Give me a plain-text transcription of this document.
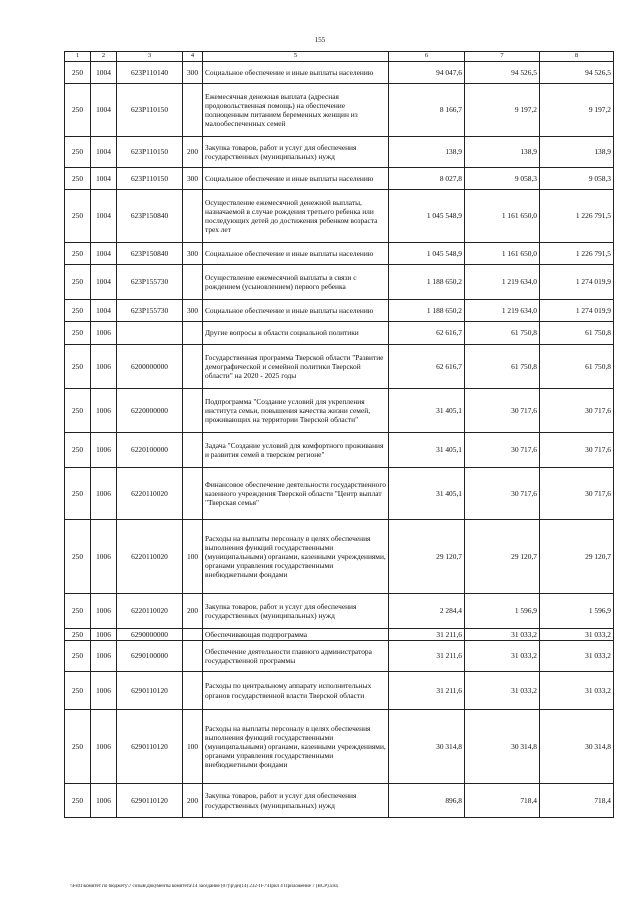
155
1	2	3	4	5	6	7	8
250	1004	623P110140	300	Социальное обеспечение и иные выплаты населению	94 047,6	94 526,5	94 526,5
250	1004	623P110150		Ежемесячная денежная выплата (адресная продовольственная помощь) на обеспечение полноценным питанием беременных женщин из малообеспеченных семей	8 166,7	9 197,2	9 197,2
250	1004	623P110150	200	Закупка товаров, работ и услуг для обеспечения государственных (муниципальных) нужд	138,9	138,9	138,9
250	1004	623P110150	300	Социальное обеспечение и иные выплаты населению	8 027,8	9 058,3	9 058,3
250	1004	623P150840		Осуществление ежемесячной денежной выплаты, назначаемой в случае рождения третьего ребенка или последующих детей до достижения ребенком возраста трех лет	1 045 548,9	1 161 650,0	1 226 791,5
250	1004	623P150840	300	Социальное обеспечение и иные выплаты населению	1 045 548,9	1 161 650,0	1 226 791,5
250	1004	623P155730		Осуществление ежемесячной выплаты в связи с рождением (усыновлением) первого ребенка	1 188 650,2	1 219 634,0	1 274 019,9
250	1004	623P155730	300	Социальное обеспечение и иные выплаты населению	1 188 650,2	1 219 634,0	1 274 019,9
250	1006			Другие вопросы в области социальной политики	62 616,7	61 750,8	61 750,8
250	1006	6200000000		Государственная программа Тверской области "Развитие демографической и семейной политики Тверской области" на 2020 - 2025 годы	62 616,7	61 750,8	61 750,8
250	1006	6220000000		Подпрограмма "Создание условий для укрепления института семьи, повышения качества жизни семей, проживающих на территории Тверской области"	31 405,1	30 717,6	30 717,6
250	1006	6220100000		Задача "Создание условий для комфортного проживания и развития семей в тверском регионе"	31 405,1	30 717,6	30 717,6
250	1006	6220110020		Финансовое обеспечение деятельности государственного казенного учреждения Тверской области "Центр выплат "Тверская семья"	31 405,1	30 717,6	30 717,6
250	1006	6220110020	100	Расходы на выплаты персоналу в целях обеспечения выполнения функций государственными (муниципальными) органами, казенными учреждениями, органами управления государственными внебюджетными фондами	29 120,7	29 120,7	29 120,7
250	1006	6220110020	200	Закупка товаров, работ и услуг для обеспечения государственных (муниципальных) нужд	2 284,4	1 596,9	1 596,9
250	1006	6290000000		Обеспечивающая подпрограмма	31 211,6	31 033,2	31 033,2
250	1006	6290100000		Обеспечение деятельности главного администратора государственной программы	31 211,6	31 033,2	31 033,2
250	1006	6290110120		Расходы по центральному аппарату исполнительных органов государственной власти Тверской области	31 211,6	31 033,2	31 033,2
250	1006	6290110120	100	Расходы на выплаты персоналу в целях обеспечения выполнения функций государственными (муниципальными) органами, казенными учреждениями, органами управления государственными внебюджетными фондами	30 314,8	30 314,8	30 314,8
250	1006	6290110120	200	Закупка товаров, работ и услуг для обеспечения государственных (муниципальных) нужд	896,8	718,4	718,4
\\Fs01\комитет по бюджету\7 созыв\Документы комитета\14 заседание (07)\р\дн(14) 232-П-7\Прил 4 Приложение 7 (ВСР).xlsx
